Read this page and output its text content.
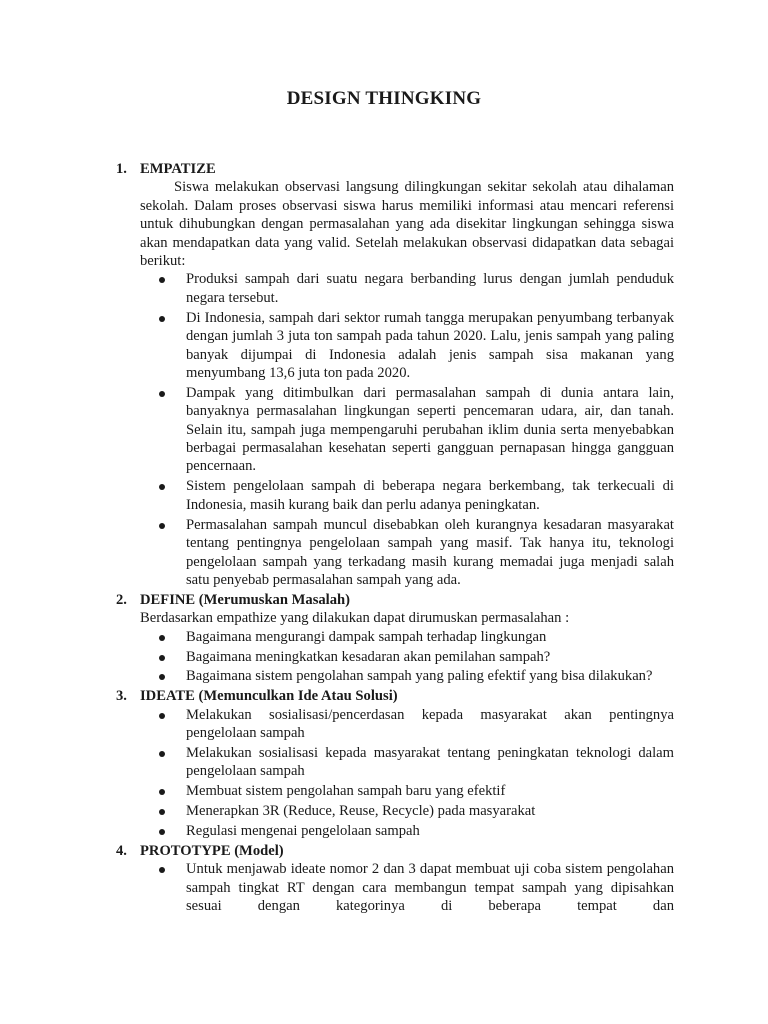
DESIGN THINGKING
1. EMPATIZE

Siswa melakukan observasi langsung dilingkungan sekitar sekolah atau dihalaman sekolah. Dalam proses observasi siswa harus memiliki informasi atau mencari referensi untuk dihubungkan dengan permasalahan yang ada disekitar lingkungan sehingga siswa akan mendapatkan data yang valid. Setelah melakukan observasi didapatkan data sebagai berikut:

Produksi sampah dari suatu negara berbanding lurus dengan jumlah penduduk negara tersebut.
Di Indonesia, sampah dari sektor rumah tangga merupakan penyumbang terbanyak dengan jumlah 3 juta ton sampah pada tahun 2020. Lalu, jenis sampah yang paling banyak dijumpai di Indonesia adalah jenis sampah sisa makanan yang menyumbang 13,6 juta ton pada 2020.
Dampak yang ditimbulkan dari permasalahan sampah di dunia antara lain, banyaknya permasalahan lingkungan seperti pencemaran udara, air, dan tanah. Selain itu, sampah juga mempengaruhi perubahan iklim dunia serta menyebabkan berbagai permasalahan kesehatan seperti gangguan pernapasan hingga gangguan pencernaan.
Sistem pengelolaan sampah di beberapa negara berkembang, tak terkecuali di Indonesia, masih kurang baik dan perlu adanya peningkatan.
Permasalahan sampah muncul disebabkan oleh kurangnya kesadaran masyarakat tentang pentingnya pengelolaan sampah yang masif. Tak hanya itu, teknologi pengelolaan sampah yang terkadang masih kurang memadai juga menjadi salah satu penyebab permasalahan sampah yang ada.
2. DEFINE (Merumuskan Masalah)

Berdasarkan empathize yang dilakukan dapat dirumuskan permasalahan :

Bagaimana mengurangi dampak sampah terhadap lingkungan
Bagaimana meningkatkan kesadaran akan pemilahan sampah?
Bagaimana sistem pengolahan sampah yang paling efektif yang bisa dilakukan?
3. IDEATE (Memunculkan Ide Atau Solusi)
Melakukan sosialisasi/pencerdasan kepada masyarakat akan pentingnya pengelolaan sampah
Melakukan sosialisasi kepada masyarakat tentang peningkatan teknologi dalam pengelolaan sampah
Membuat sistem pengolahan sampah baru yang efektif
Menerapkan 3R (Reduce, Reuse, Recycle) pada masyarakat
Regulasi mengenai pengelolaan sampah
4. PROTOTYPE (Model)
Untuk menjawab ideate nomor 2 dan 3 dapat membuat uji coba sistem pengolahan sampah tingkat RT dengan cara membangun tempat sampah yang dipisahkan sesuai dengan kategorinya di beberapa tempat dan
